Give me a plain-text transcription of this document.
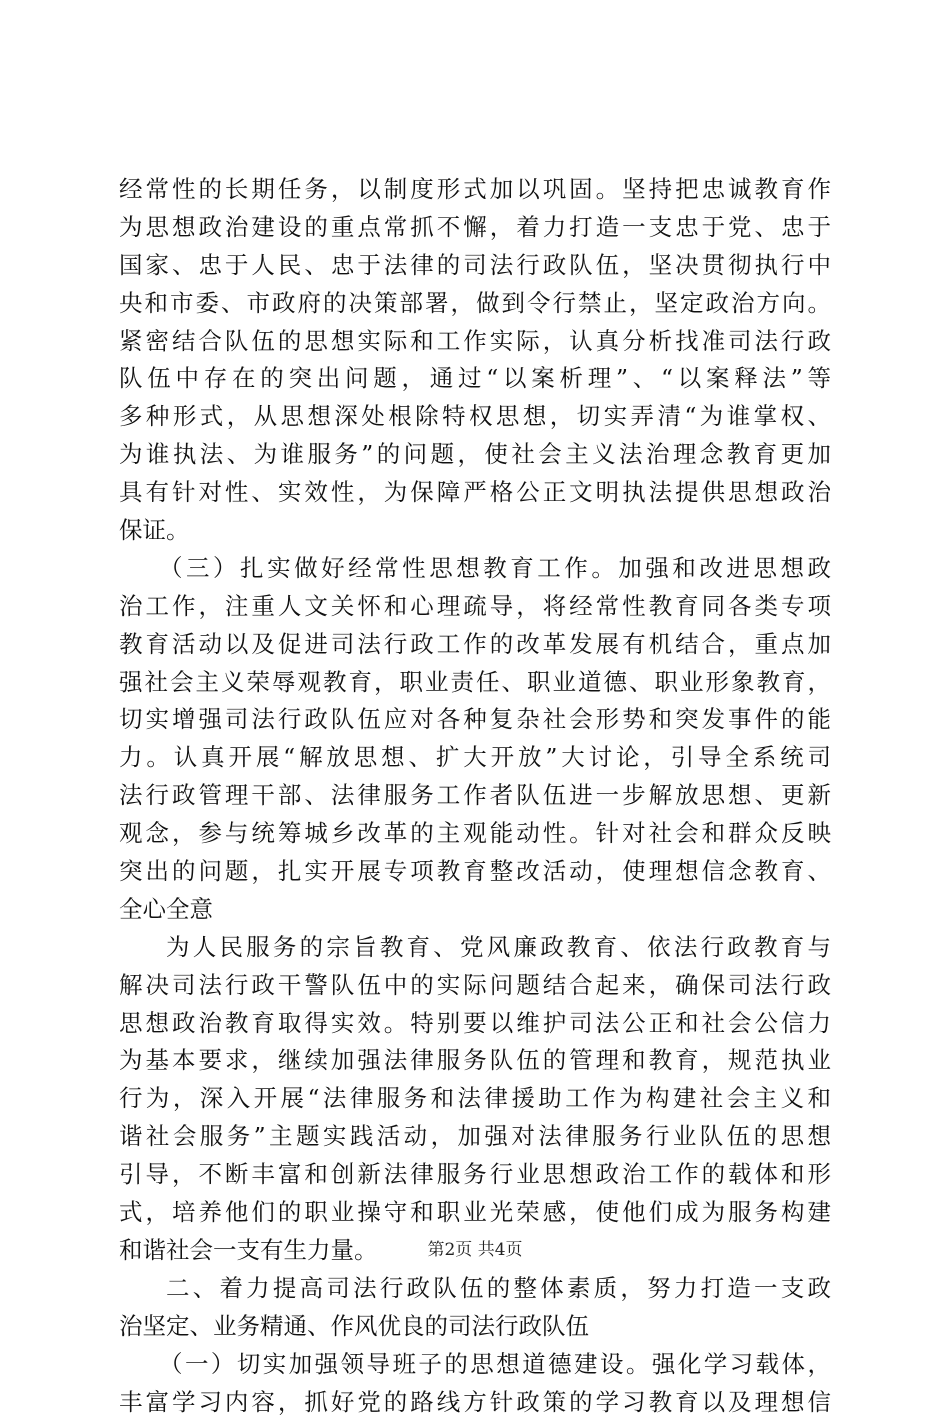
经常性的长期任务，以制度形式加以巩固。坚持把忠诚教育作
为思想政治建设的重点常抓不懈，着力打造一支忠于党、忠于
国家、忠于人民、忠于法律的司法行政队伍，坚决贯彻执行中
央和市委、市政府的决策部署，做到令行禁止，坚定政治方向。
紧密结合队伍的思想实际和工作实际，认真分析找准司法行政
队伍中存在的突出问题，通过“以案析理”、“以案释法”等
多种形式，从思想深处根除特权思想，切实弄清“为谁掌权、
为谁执法、为谁服务”的问题，使社会主义法治理念教育更加
具有针对性、实效性，为保障严格公正文明执法提供思想政治
保证。
（三）扎实做好经常性思想教育工作。加强和改进思想政
治工作，注重人文关怀和心理疏导，将经常性教育同各类专项
教育活动以及促进司法行政工作的改革发展有机结合，重点加
强社会主义荣辱观教育，职业责任、职业道德、职业形象教育，
切实增强司法行政队伍应对各种复杂社会形势和突发事件的能
力。认真开展“解放思想、扩大开放”大讨论，引导全系统司
法行政管理干部、法律服务工作者队伍进一步解放思想、更新
观念，参与统筹城乡改革的主观能动性。针对社会和群众反映
突出的问题，扎实开展专项教育整改活动，使理想信念教育、
全心全意
为人民服务的宗旨教育、党风廉政教育、依法行政教育与
解决司法行政干警队伍中的实际问题结合起来，确保司法行政
思想政治教育取得实效。特别要以维护司法公正和社会公信力
为基本要求，继续加强法律服务队伍的管理和教育，规范执业
行为，深入开展“法律服务和法律援助工作为构建社会主义和
谐社会服务”主题实践活动，加强对法律服务行业队伍的思想
引导，不断丰富和创新法律服务行业思想政治工作的载体和形
式，培养他们的职业操守和职业光荣感，使他们成为服务构建
和谐社会一支有生力量。
二、着力提高司法行政队伍的整体素质，努力打造一支政
治坚定、业务精通、作风优良的司法行政队伍
（一）切实加强领导班子的思想道德建设。强化学习载体，
丰富学习内容，抓好党的路线方针政策的学习教育以及理想信
第2页 共4页
